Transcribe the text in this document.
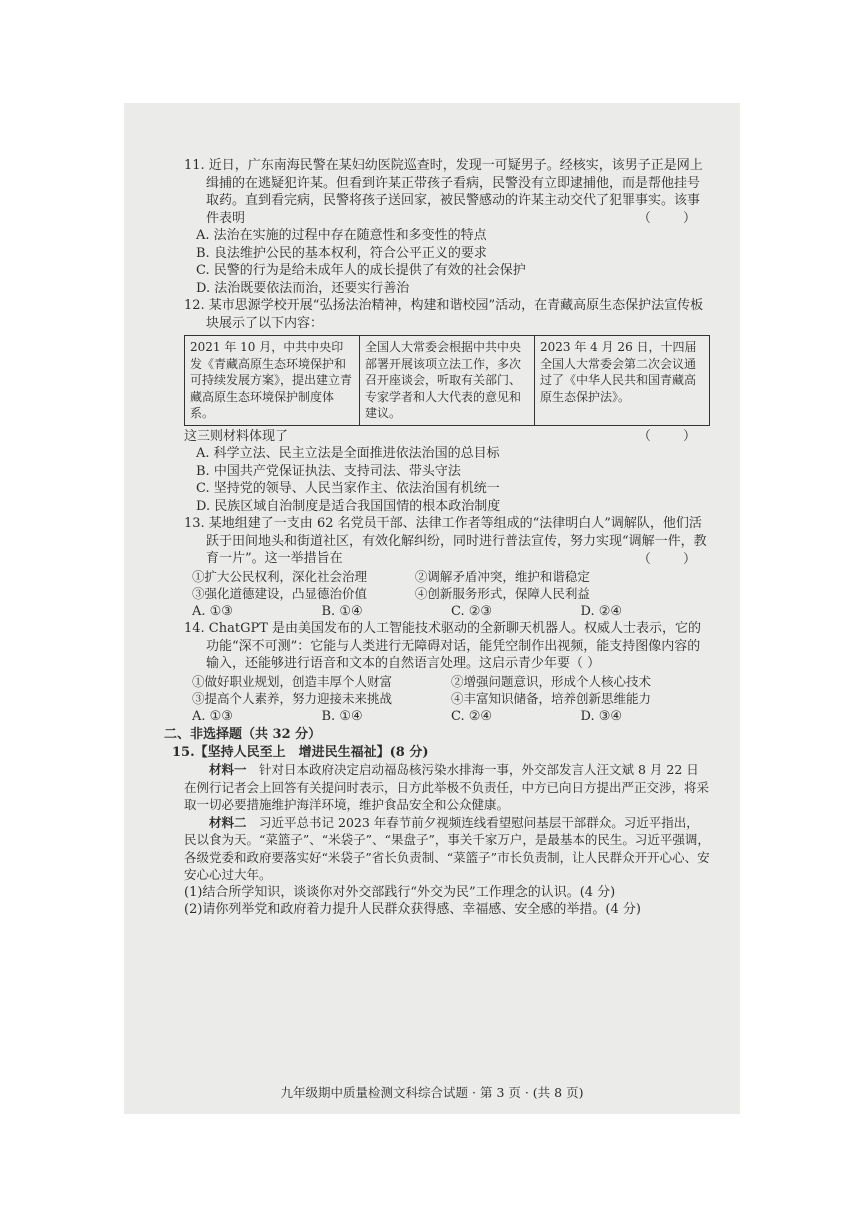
11. 近日，广东南海民警在某妇幼医院巡查时，发现一可疑男子。经核实，该男子正是网上缉捕的在逃疑犯许某。但看到许某正带孩子看病，民警没有立即逮捕他，而是帮他挂号取药。直到看完病，民警将孩子送回家，被民警感动的许某主动交代了犯罪事实。该事件表明	（ ）
A. 法治在实施的过程中存在随意性和多变性的特点
B. 良法维护公民的基本权利，符合公平正义的要求
C. 民警的行为是给未成年人的成长提供了有效的社会保护
D. 法治既要依法而治，还要实行善治
12. 某市思源学校开展“弘扬法治精神，构建和谐校园”活动，在青藏高原生态保护法宣传板块展示了以下内容：
2021 年 10 月，中共中央印发《青藏高原生态环境保护和可持续发展方案》，提出建立青藏高原生态环境保护制度体系。	全国人大常委会根据中共中央部署开展该项立法工作，多次召开座谈会，听取有关部门、专家学者和人大代表的意见和建议。	2023 年 4 月 26 日，十四届全国人大常委会第二次会议通过了《中华人民共和国青藏高原生态保护法》。
这三则材料体现了	（ ）
A. 科学立法、民主立法是全面推进依法治国的总目标
B. 中国共产党保证执法、支持司法、带头守法
C. 坚持党的领导、人民当家作主、依法治国有机统一
D. 民族区域自治制度是适合我国国情的根本政治制度
13. 某地组建了一支由 62 名党员干部、法律工作者等组成的“法律明白人”调解队，他们活跃于田间地头和街道社区，有效化解纠纷，同时进行普法宣传，努力实现“调解一件，教育一片”。这一举措旨在	（ ）
①扩大公民权利，深化社会治理	②调解矛盾冲突，维护和谐稳定
③强化道德建设，凸显德治价值	④创新服务形式，保障人民利益
A. ①③	B. ①④	C. ②③	D. ②④
14. ChatGPT 是由美国发布的人工智能技术驱动的全新聊天机器人。权威人士表示，它的功能“深不可测”：它能与人类进行无障碍对话，能凭空制作出视频，能支持图像内容的输入，还能够进行语音和文本的自然语言处理。这启示青少年要（ ）
①做好职业规划，创造丰厚个人财富	②增强问题意识，形成个人核心技术
③提高个人素养，努力迎接未来挑战	④丰富知识储备，培养创新思维能力
A. ①③	B. ①④	C. ②④	D. ③④
二、非选择题（共 32 分）
15.【坚持人民至上　增进民生福祉】(8 分)
材料一　针对日本政府决定启动福岛核污染水排海一事，外交部发言人汪文斌 8 月 22 日在例行记者会上回答有关提问时表示，日方此举极不负责任，中方已向日方提出严正交涉，将采取一切必要措施维护海洋环境，维护食品安全和公众健康。
材料二　习近平总书记 2023 年春节前夕视频连线看望慰问基层干部群众。习近平指出，民以食为天。“菜篮子”、“米袋子”、“果盘子”，事关千家万户，是最基本的民生。习近平强调，各级党委和政府要落实好“米袋子”省长负责制、“菜篮子”市长负责制，让人民群众开开心心、安安心心过大年。
(1)结合所学知识，谈谈你对外交部践行“外交为民”工作理念的认识。(4 分)
(2)请你列举党和政府着力提升人民群众获得感、幸福感、安全感的举措。(4 分)
九年级期中质量检测文科综合试题 · 第 3 页 · (共 8 页)
